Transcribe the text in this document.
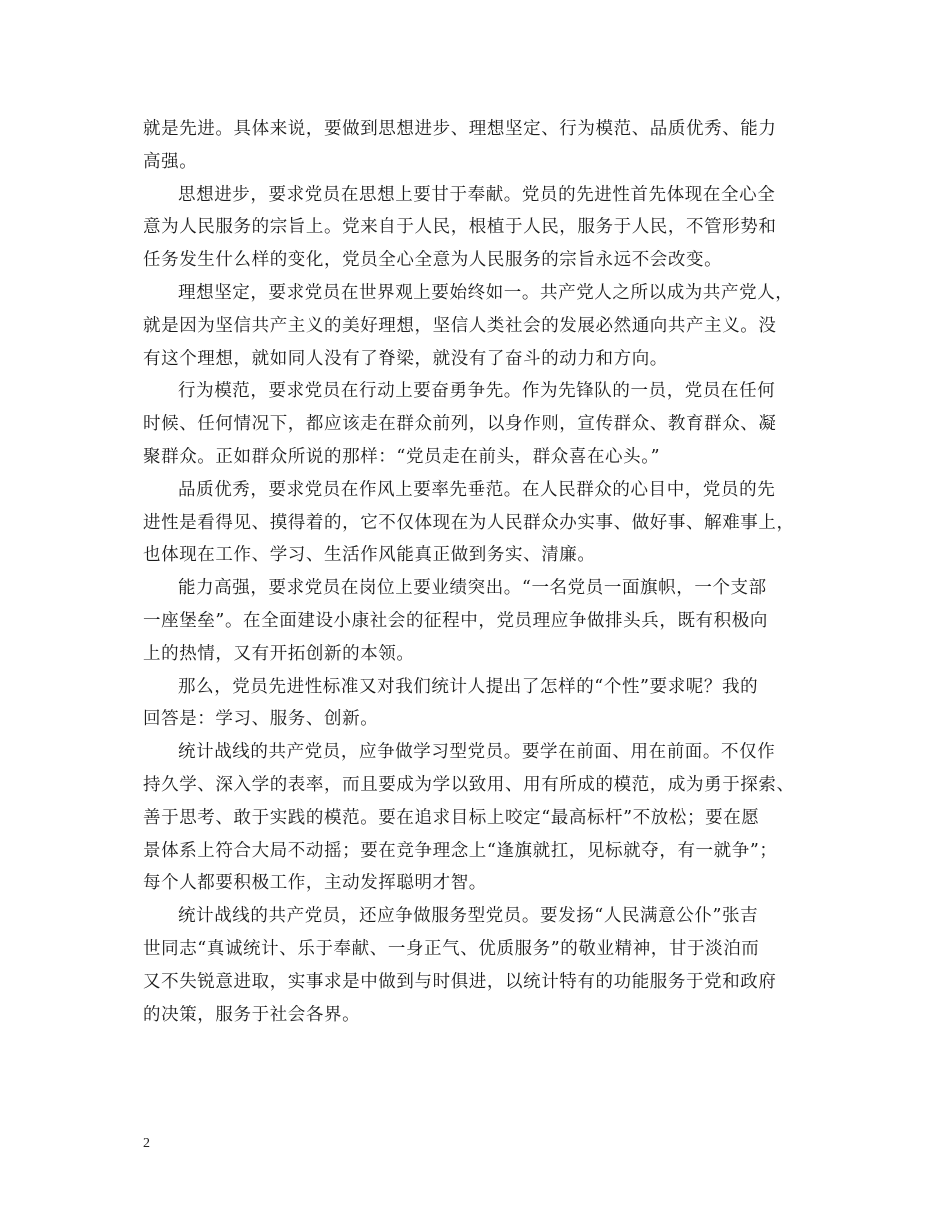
就是先进。具体来说，要做到思想进步、理想坚定、行为模范、品质优秀、能力
高强。
思想进步，要求党员在思想上要甘于奉献。党员的先进性首先体现在全心全
意为人民服务的宗旨上。党来自于人民，根植于人民，服务于人民，不管形势和
任务发生什么样的变化，党员全心全意为人民服务的宗旨永远不会改变。
理想坚定，要求党员在世界观上要始终如一。共产党人之所以成为共产党人，
就是因为坚信共产主义的美好理想，坚信人类社会的发展必然通向共产主义。没
有这个理想，就如同人没有了脊梁，就没有了奋斗的动力和方向。
行为模范，要求党员在行动上要奋勇争先。作为先锋队的一员，党员在任何
时候、任何情况下，都应该走在群众前列，以身作则，宣传群众、教育群众、凝
聚群众。正如群众所说的那样：“党员走在前头，群众喜在心头。”
品质优秀，要求党员在作风上要率先垂范。在人民群众的心目中，党员的先
进性是看得见、摸得着的，它不仅体现在为人民群众办实事、做好事、解难事上，
也体现在工作、学习、生活作风能真正做到务实、清廉。
能力高强，要求党员在岗位上要业绩突出。“一名党员一面旗帜，一个支部
一座堡垒”。在全面建设小康社会的征程中，党员理应争做排头兵，既有积极向
上的热情，又有开拓创新的本领。
那么，党员先进性标准又对我们统计人提出了怎样的“个性”要求呢？我的
回答是：学习、服务、创新。
统计战线的共产党员，应争做学习型党员。要学在前面、用在前面。不仅作
持久学、深入学的表率，而且要成为学以致用、用有所成的模范，成为勇于探索、
善于思考、敢于实践的模范。要在追求目标上咬定“最高标杆”不放松；要在愿
景体系上符合大局不动摇；要在竞争理念上“逢旗就扛，见标就夺，有一就争”；
每个人都要积极工作，主动发挥聪明才智。
统计战线的共产党员，还应争做服务型党员。要发扬“人民满意公仆”张吉
世同志“真诚统计、乐于奉献、一身正气、优质服务”的敬业精神，甘于淡泊而
又不失锐意进取，实事求是中做到与时俱进，以统计特有的功能服务于党和政府
的决策，服务于社会各界。
2
